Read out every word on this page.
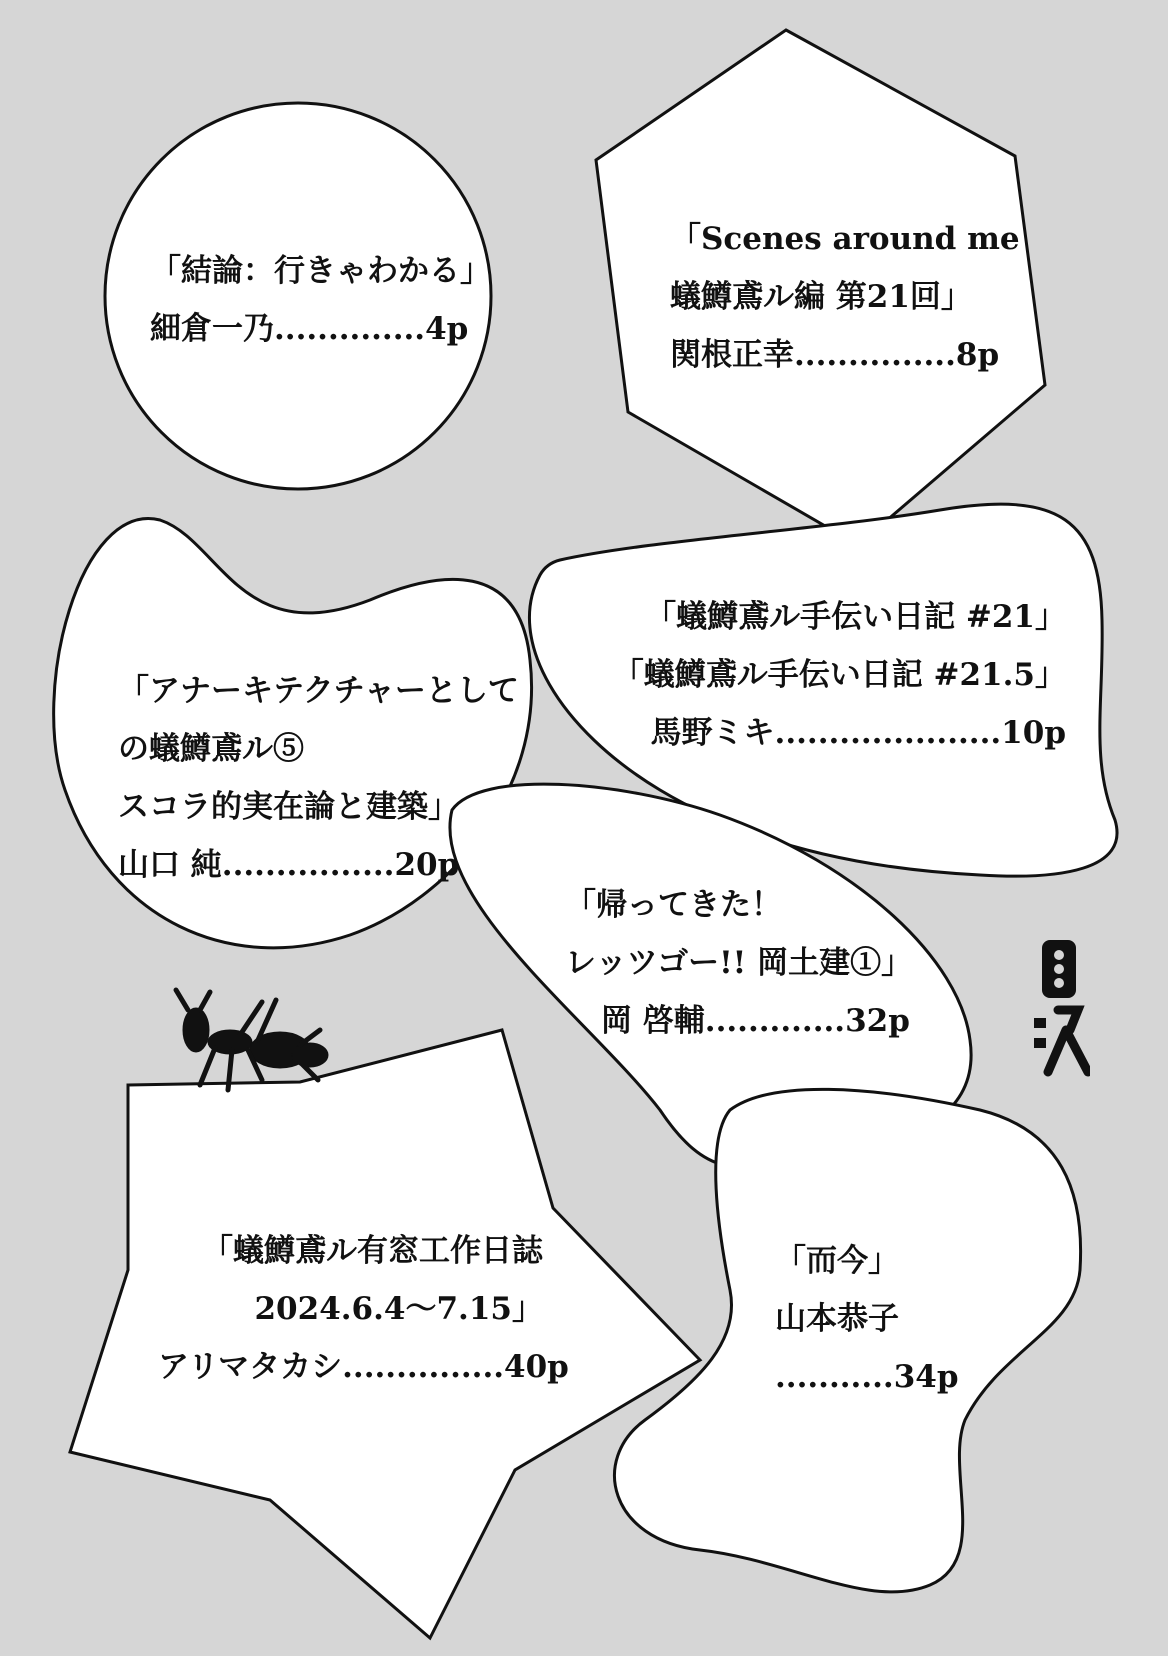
「結論：行きゃわかる」
細倉一乃..............4p
「Scenes around me
蟻鱒鳶ル編 第21回」
関根正幸...............8p
「アナーキテクチャーとして
の蟻鱒鳶ル⑤
スコラ的実在論と建築」
山口 純................20p
「蟻鱒鳶ル手伝い日記 #21」
「蟻鱒鳶ル手伝い日記 #21.5」
馬野ミキ.....................10p
「帰ってきた！
レッツゴー!! 岡土建①」
岡 啓輔.............32p
「蟻鱒鳶ル有窓工作日誌
2024.6.4〜7.15」
アリマタカシ...............40p
「而今」
山本恭子
...........34p
